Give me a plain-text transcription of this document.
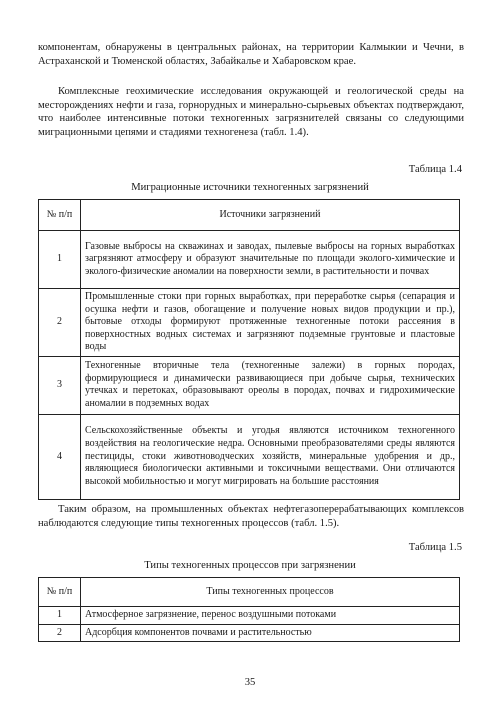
компонентам, обнаружены в центральных районах, на территории Калмыкии и Чечни, в Астраханской и Тюменской областях, Забайкалье и Хабаровском крае.

Комплексные геохимические исследования окружающей и геологической среды на месторождениях нефти и газа, горнорудных и минерально-сырьевых объектах подтверждают, что наиболее интенсивные потоки техногенных загрязнителей связаны со следующими миграционными цепями и стадиями техногенеза (табл. 1.4).

Таблица 1.4
Миграционные источники техногенных загрязнений
№ п/п	Источники загрязнений
1	Газовые выбросы на скважинах и заводах, пылевые выбросы на горных выработках загрязняют атмосферу и образуют значительные по площади эколого-химические и эколого-физические аномалии на поверхности земли, в растительности и почвах
2	Промышленные стоки при горных выработках, при переработке сырья (сепарация и осушка нефти и газов, обогащение и получение новых видов продукции и пр.), бытовые отходы формируют протяженные техногенные потоки рассеяния в поверхностных водных системах и загрязняют подземные грунтовые и пластовые воды
3	Техногенные вторичные тела (техногенные залежи) в горных породах, формирующиеся и динамически развивающиеся при добыче сырья, технических утечках и перетоках, образовывают ореолы в породах, почвах и гидрохимические аномалии в подземных водах
4	Сельскохозяйственные объекты и угодья являются источником техногенного воздействия на геологические недра. Основными преобразователями среды являются пестициды, стоки животноводческих хозяйств, минеральные удобрения и др., являющиеся биологически активными и токсичными веществами. Они отличаются высокой мобильностью и могут мигрировать на большие расстояния

Таким образом, на промышленных объектах нефтегазоперерабатывающих комплексов наблюдаются следующие типы техногенных процессов (табл. 1.5).

Таблица 1.5
Типы техногенных процессов при загрязнении
№ п/п	Типы техногенных процессов
1	Атмосферное загрязнение, перенос воздушными потоками
2	Адсорбция компонентов почвами и растительностью
35
